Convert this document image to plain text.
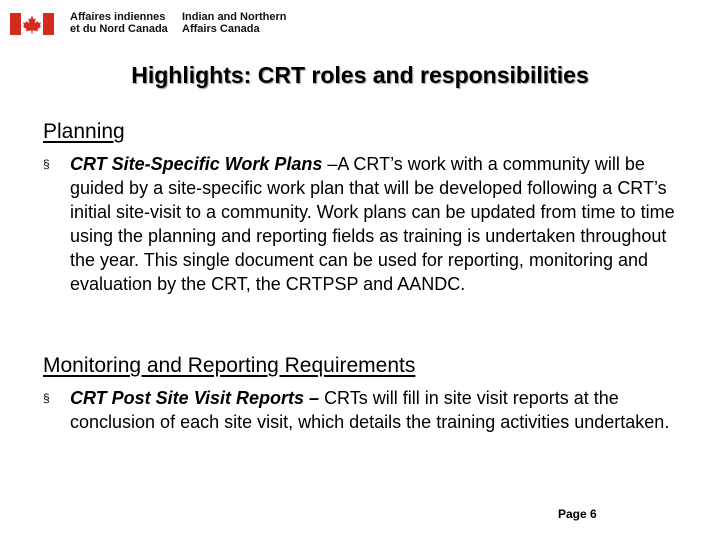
Affaires indiennes
et du Nord Canada
Indian and Northern
Affairs Canada
Highlights: CRT roles and responsibilities
Planning
§ CRT Site-Specific Work Plans –A CRT’s work with a community will be guided by a site-specific work plan that will be developed following a CRT’s initial site-visit to a community. Work plans can be updated from time to time using the planning and reporting fields as training is undertaken throughout the year. This single document can be used for reporting, monitoring and evaluation by the CRT, the CRTPSP and AANDC.
Monitoring and Reporting Requirements
§ CRT Post Site Visit Reports – CRTs will fill in site visit reports at the conclusion of each site visit, which details the training activities undertaken.
Page 6
